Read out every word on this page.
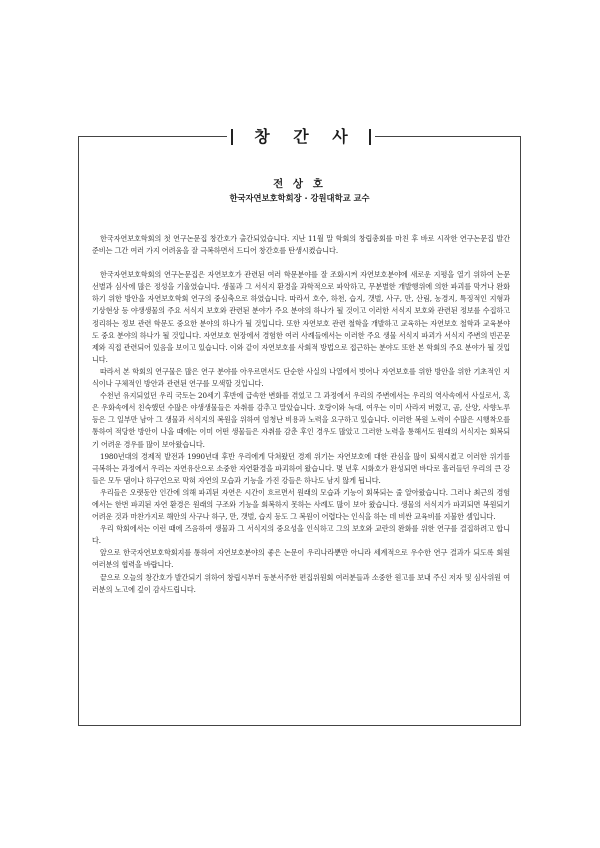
창 간 사
전 상 호
한국자연보호학회장 · 강원대학교 교수

한국자연보호학회의 첫 연구논문집 창간호가 출간되었습니다. 지난 11월 말 학회의 창립총회를 마친 후 바로 시작한 연구논문집 발간 준비는 그간 여러 가지 어려움을 잘 극복하면서 드디어 창간호를 탄생시켰습니다.

한국자연보호학회의 연구논문집은 자연보호가 관련된 여러 학문분야를 잘 조화시켜 자연보호분야에 새로운 지평을 열기 위하여 논문 선별과 심사에 많은 정성을 기울였습니다. 생물과 그 서식지 환경을 과학적으로 파악하고, 무분별한 개발행위에 의한 파괴를 막거나 완화하기 위한 방안을 자연보호학회 연구의 중심축으로 하였습니다. 따라서 호수, 하천, 습지, 갯벌, 사구, 만, 산림, 농경지, 특징적인 지형과 기상현상 등 야생생물의 주요 서식지 보호와 관련된 분야가 주요 분야의 하나가 될 것이고 이러한 서식지 보호와 관련된 정보를 수집하고 정리하는 정보 관련 학문도 중요한 분야의 하나가 될 것입니다. 또한 자연보호 관련 철학을 개발하고 교육하는 자연보호 철학과 교육분야도 중요 분야의 하나가 될 것입니다. 자연보호 현장에서 경험한 여러 사례들에서는 이러한 주요 생물 서식지 파괴가 서식지 주변의 빈곤문제와 직접 관련되어 있음을 보이고 있습니다. 이와 같이 자연보호를 사회적 방법으로 접근하는 분야도 또한 본 학회의 주요 분야가 될 것입니다.

따라서 본 학회의 연구물은 많은 연구 분야를 아우르면서도 단순한 사실의 나열에서 벗어나 자연보호를 위한 방안을 위한 기초적인 지식이나 구체적인 방안과 관련된 연구를 모색할 것입니다.

수천년 유지되었던 우리 국토는 20세기 후반에 급속한 변화를 겪었고 그 과정에서 우리의 주변에서는 우리의 역사속에서 사실로서, 혹은 우화속에서 친숙했던 수많은 야생생물들은 자취를 감추고 말았습니다. 호랑이와 늑대, 여우는 이미 사라져 버렸고, 곰, 산양, 사향노루 등은 그 일부만 남아 그 생물과 서식지의 복원을 위하여 엄청난 비용과 노력을 요구하고 있습니다. 이러한 복원 노력이 수많은 시행착오를 통하여 적당한 방안이 나올 때에는 이미 어떤 생물들은 자취를 감춘 후인 경우도 많았고 그러한 노력을 통해서도 원래의 서식지는 회복되기 어려운 경우를 많이 보아왔습니다.

1980년대의 경제적 발전과 1990년대 후반 우리에게 닥쳐왔던 경제 위기는 자연보호에 대한 관심을 많이 퇴색시켰고 이러한 위기를 극복하는 과정에서 우리는 자연유산으로 소중한 자연환경을 파괴하여 왔습니다. 몇 년후 시화호가 완성되면 바다로 흘러들던 우리의 큰 강들은 모두 댐이나 하구언으로 막혀 자연의 모습과 기능을 가진 강들은 하나도 남지 않게 됩니다.

우리들은 오랫동안 인간에 의해 파괴된 자연은 시간이 흐르면서 원래의 모습과 기능이 회복되는 줄 알아왔습니다. 그러나 최근의 경험에서는 한번 파괴된 자연 환경은 원래의 구조와 기능을 회복하지 못하는 사례도 많이 보아 왔습니다. 생물의 서식지가 파괴되면 복원되기 어려운 것과 마찬가지로 해안의 사구나 하구, 만, 갯벌, 습지 등도 그 복원이 어렵다는 인식을 하는 데 비싼 교육비를 지불한 셈입니다.

우리 학회에서는 이런 때에 즈음하여 생물과 그 서식지의 중요성을 인식하고 그의 보호와 교란의 완화를 위한 연구를 결집하려고 합니다.

앞으로 한국자연보호학회지를 통하여 자연보호분야의 좋은 논문이 우리나라뿐만 아니라 세계적으로 우수한 연구 결과가 되도록 회원 여러분의 협력을 바랍니다.

끝으로 오늘의 창간호가 발간되기 위하여 창립시부터 동분서주한 편집위원회 여러분들과 소중한 원고를 보내 주신 저자 및 심사위원 여러분의 노고에 깊이 감사드립니다.
